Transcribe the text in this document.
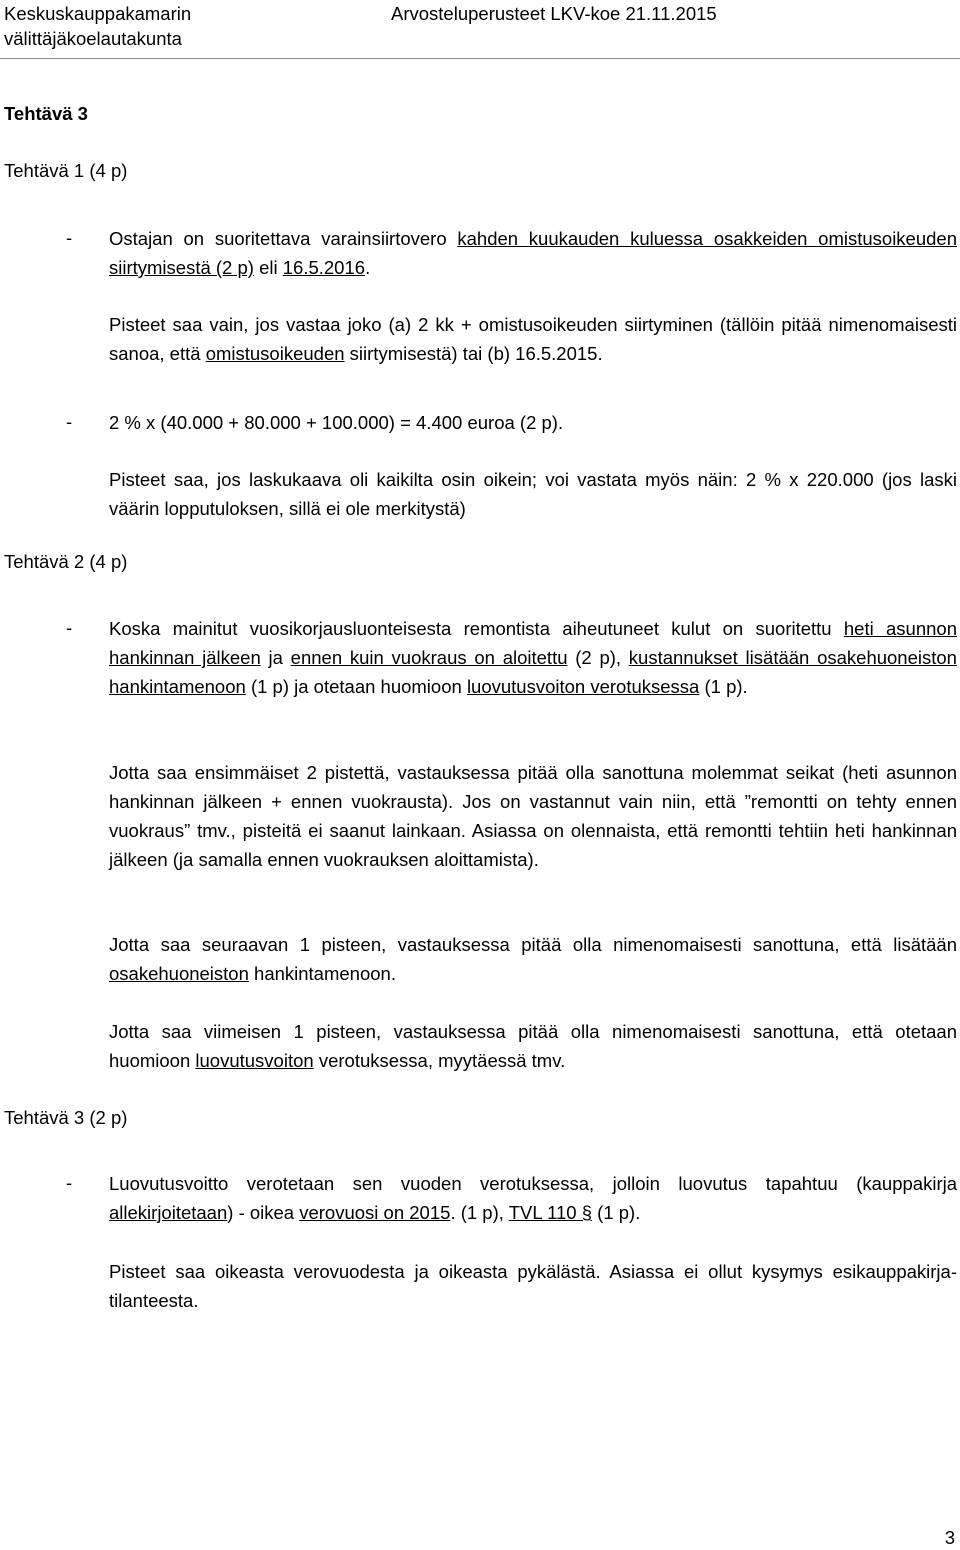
Keskuskauppakamarin
välittäjäkoelautakunta
Arvosteluperusteet LKV-koe 21.11.2015
Tehtävä 3
Tehtävä 1 (4 p)
- Ostajan on suoritettava varainsiirtovero kahden kuukauden kuluessa osakkeiden omistusoikeuden siirtymisestä (2 p) eli 16.5.2016.
Pisteet saa vain, jos vastaa joko (a) 2 kk + omistusoikeuden siirtyminen (tällöin pitää nimenomaisesti sanoa, että omistusoikeuden siirtymisestä) tai (b) 16.5.2015.
- 2 % x (40.000 + 80.000 + 100.000) = 4.400 euroa (2 p).
Pisteet saa, jos laskukaava oli kaikilta osin oikein; voi vastata myös näin: 2 % x 220.000 (jos laski väärin lopputuloksen, sillä ei ole merkitystä)
Tehtävä 2 (4 p)
- Koska mainitut vuosikorjausluonteisesta remontista aiheutuneet kulut on suoritettu heti asunnon hankinnan jälkeen ja ennen kuin vuokraus on aloitettu (2 p), kustannukset lisätään osakehuoneiston hankintamenoon (1 p) ja otetaan huomioon luovutusvoiton verotuksessa (1 p).
Jotta saa ensimmäiset 2 pistettä, vastauksessa pitää olla sanottuna molemmat seikat (heti asunnon hankinnan jälkeen + ennen vuokrausta). Jos on vastannut vain niin, että ”remontti on tehty ennen vuokraus” tmv., pisteitä ei saanut lainkaan. Asiassa on olennaista, että remontti tehtiin heti hankinnan jälkeen (ja samalla ennen vuokrauksen aloittamista).
Jotta saa seuraavan 1 pisteen, vastauksessa pitää olla nimenomaisesti sanottuna, että lisätään osakehuoneiston hankintamenoon.
Jotta saa viimeisen 1 pisteen, vastauksessa pitää olla nimenomaisesti sanottuna, että otetaan huomioon luovutusvoiton verotuksessa, myytäessä tmv.
Tehtävä 3 (2 p)
- Luovutusvoitto verotetaan sen vuoden verotuksessa, jolloin luovutus tapahtuu (kauppakirja allekirjoitetaan) - oikea verovuosi on 2015. (1 p), TVL 110 § (1 p).
Pisteet saa oikeasta verovuodesta ja oikeasta pykälästä. Asiassa ei ollut kysymys esikauppakirja-tilanteesta.
3
